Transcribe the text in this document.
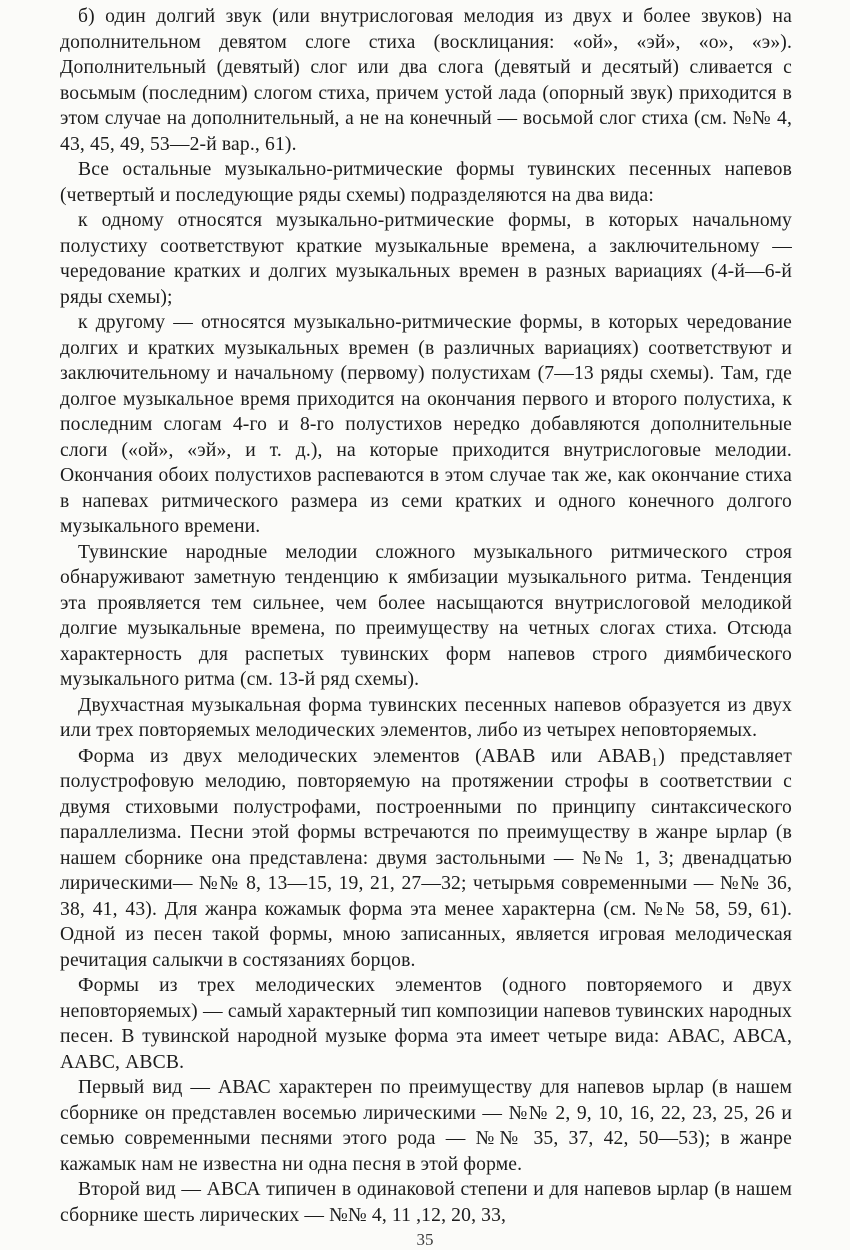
б) один долгий звук (или внутрислоговая мелодия из двух и более звуков) на дополнительном девятом слоге стиха (восклицания: «ой», «эй», «о», «э»). Дополнительный (девятый) слог или два слога (девятый и десятый) сливается с восьмым (последним) слогом стиха, причем устой лада (опорный звук) приходится в этом случае на дополнительный, а не на конечный — восьмой слог стиха (см. №№ 4, 43, 45, 49, 53—2-й вар., 61).

Все остальные музыкально-ритмические формы тувинских песенных напевов (четвертый и последующие ряды схемы) подразделяются на два вида:

к одному относятся музыкально-ритмические формы, в которых начальному полустиху соответствуют краткие музыкальные времена, а заключительному — чередование кратких и долгих музыкальных времен в разных вариациях (4-й—6-й ряды схемы);

к другому — относятся музыкально-ритмические формы, в которых чередование долгих и кратких музыкальных времен (в различных вариациях) соответствуют и заключительному и начальному (первому) полустихам (7—13 ряды схемы). Там, где долгое музыкальное время приходится на окончания первого и второго полустиха, к последним слогам 4-го и 8-го полустихов нередко добавляются дополнительные слоги («ой», «эй», и т. д.), на которые приходится внутрислоговые мелодии. Окончания обоих полустихов распеваются в этом случае так же, как окончание стиха в напевах ритмического размера из семи кратких и одного конечного долгого музыкального времени.

Тувинские народные мелодии сложного музыкального ритмического строя обнаруживают заметную тенденцию к ямбизации музыкального ритма. Тенденция эта проявляется тем сильнее, чем более насыщаются внутрислоговой мелодикой долгие музыкальные времена, по преимуществу на четных слогах стиха. Отсюда характерность для распетых тувинских форм напевов строго диямбического музыкального ритма (см. 13-й ряд схемы).

Двухчастная музыкальная форма тувинских песенных напевов образуется из двух или трех повторяемых мелодических элементов, либо из четырех неповторяемых.

Форма из двух мелодических элементов (АВАВ или АВАВ₁) представляет полустрофовую мелодию, повторяемую на протяжении строфы в соответствии с двумя стиховыми полустрофами, построенными по принципу синтаксического параллелизма. Песни этой формы встречаются по преимуществу в жанре ырлар (в нашем сборнике она представлена: двумя застольными — №№ 1, 3; двенадцатью лирическими— №№ 8, 13—15, 19, 21, 27—32; четырьмя современными — №№ 36, 38, 41, 43). Для жанра кожамык форма эта менее характерна (см. №№ 58, 59, 61). Одной из песен такой формы, мною записанных, является игровая мелодическая речитация салыкчи в состязаниях борцов.

Формы из трех мелодических элементов (одного повторяемого и двух неповторяемых) — самый характерный тип композиции напевов тувинских народных песен. В тувинской народной музыке форма эта имеет четыре вида: АВАС, АВСА, ААВС, АВСВ.

Первый вид — АВАС характерен по преимуществу для напевов ырлар (в нашем сборнике он представлен восемью лирическими — №№ 2, 9, 10, 16, 22, 23, 25, 26 и семью современными песнями этого рода — №№ 35, 37, 42, 50—53); в жанре кажамык нам не известна ни одна песня в этой форме.

Второй вид — АВСА типичен в одинаковой степени и для напевов ырлар (в нашем сборнике шесть лирических — №№ 4, 11 ,12, 20, 33,

35
